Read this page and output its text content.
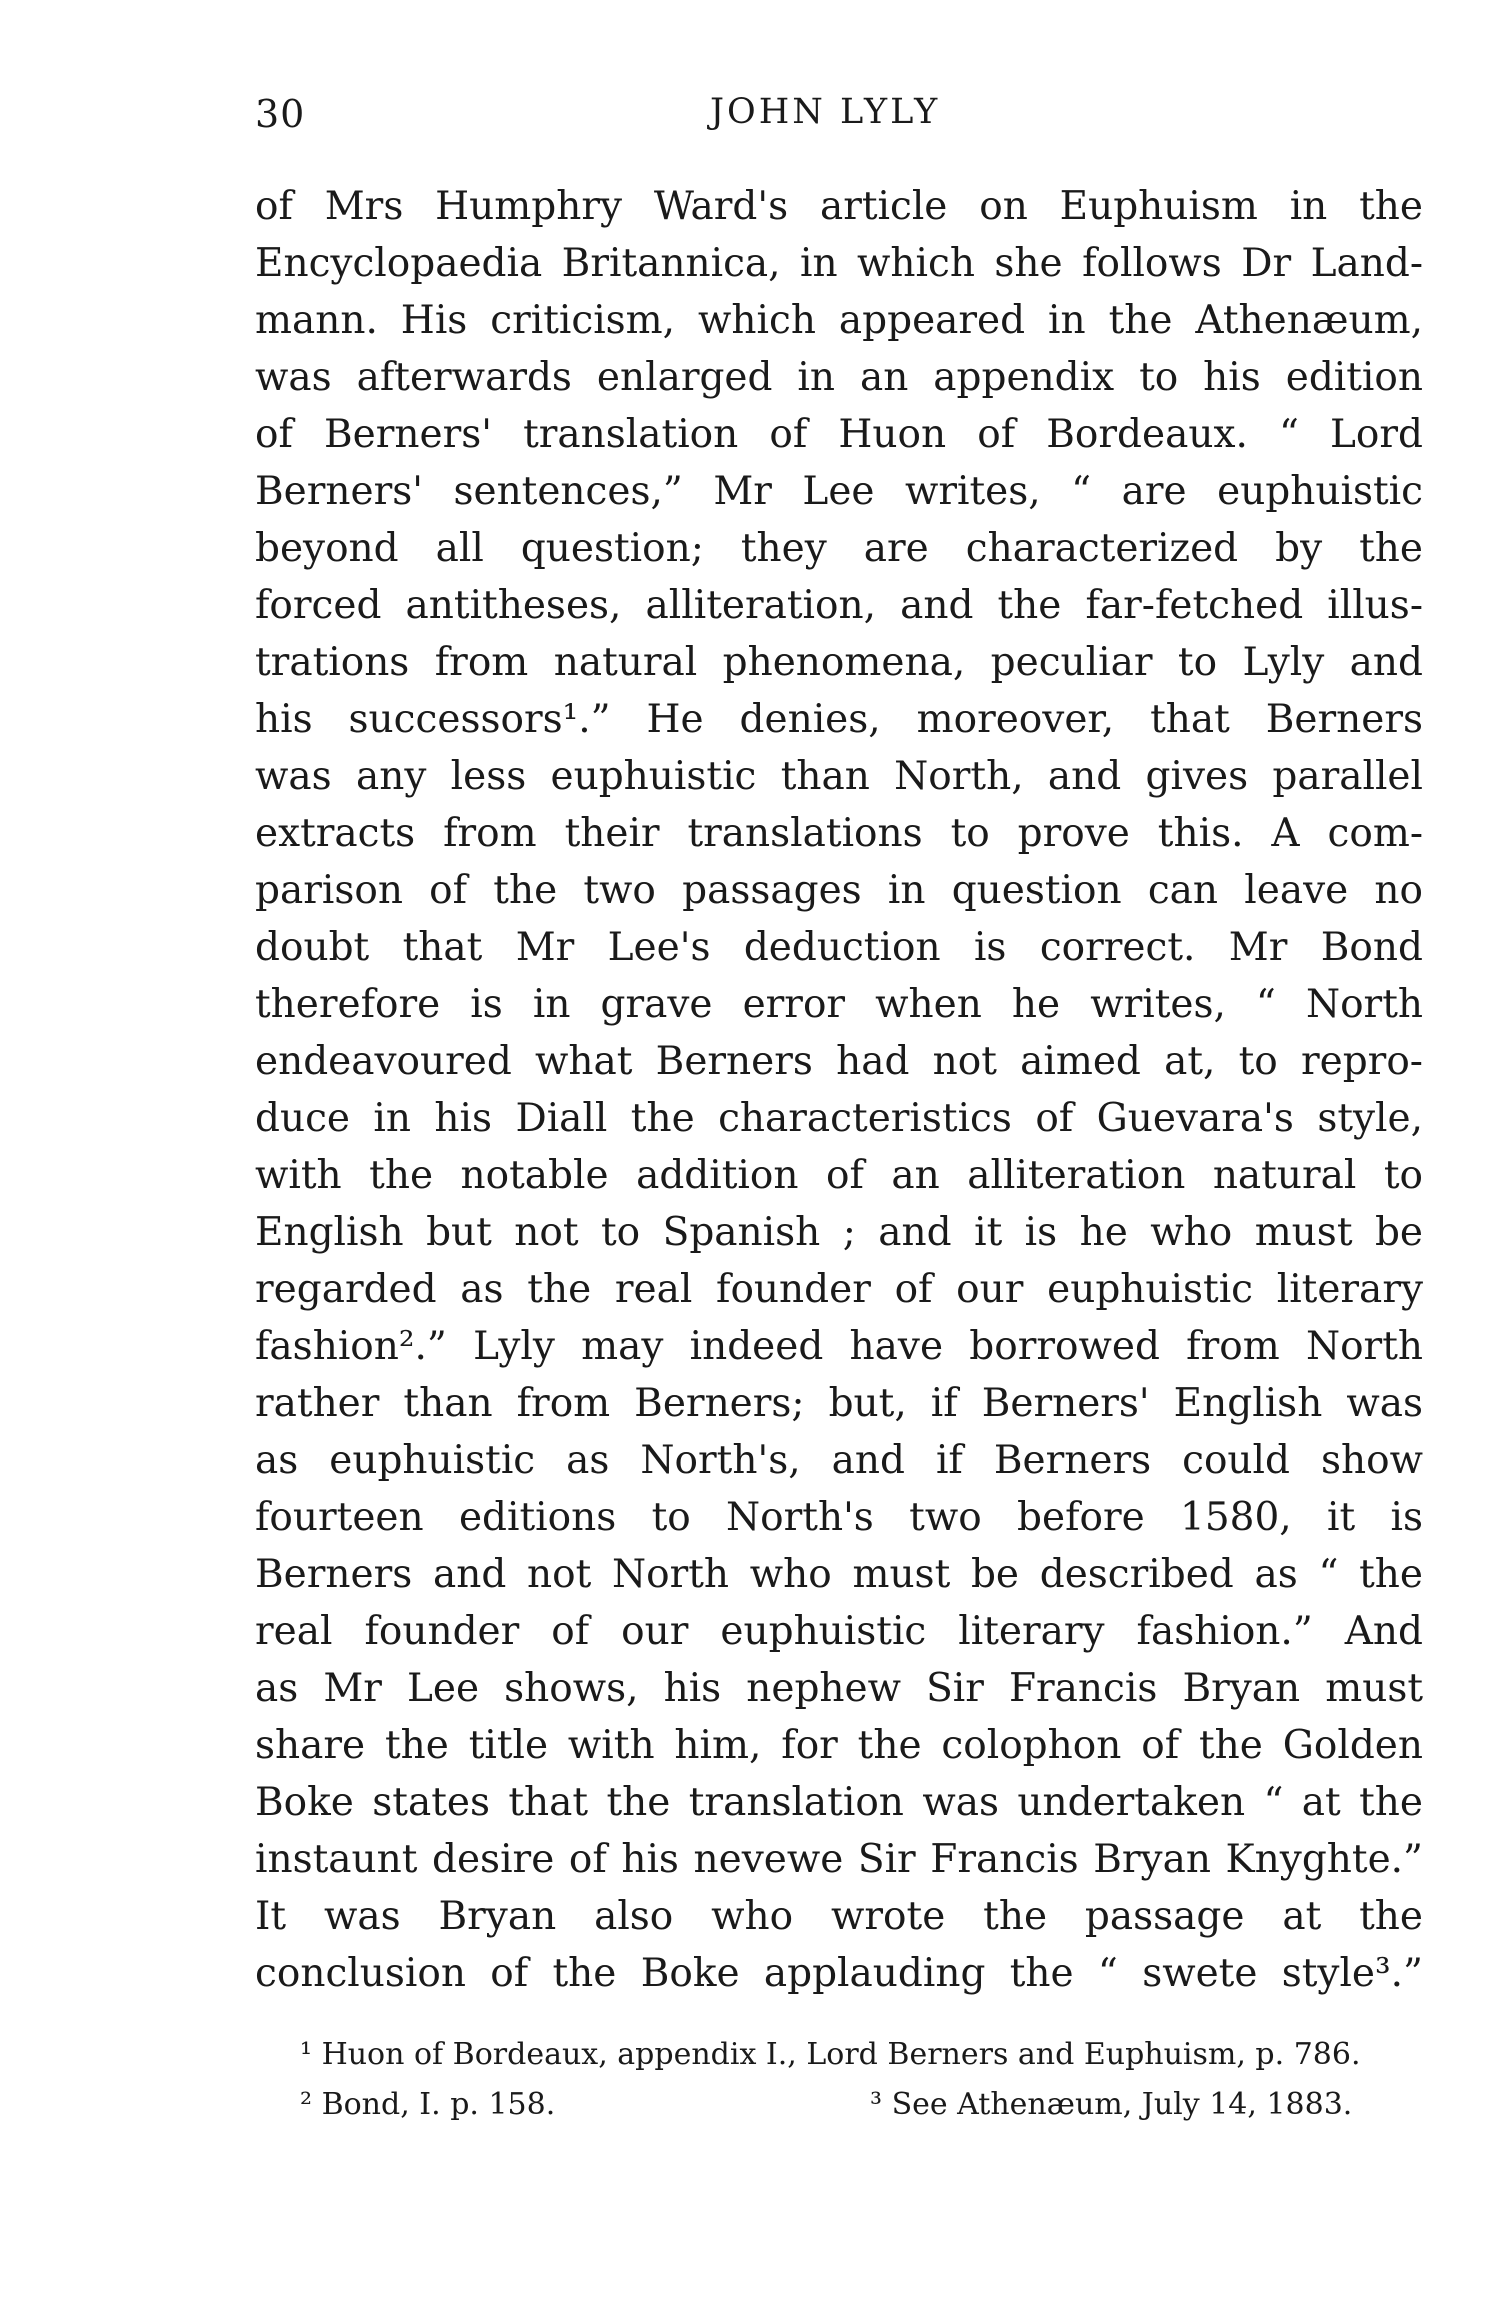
30	JOHN LYLY
of Mrs Humphry Ward's article on Euphuism in the
Encyclopaedia Britannica, in which she follows Dr Land-
mann. His criticism, which appeared in the Athenæum,
was afterwards enlarged in an appendix to his edition
of Berners' translation of Huon of Bordeaux. “ Lord
Berners' sentences,” Mr Lee writes, “ are euphuistic
beyond all question; they are characterized by the
forced antitheses, alliteration, and the far-fetched illus-
trations from natural phenomena, peculiar to Lyly and
his successors¹.” He denies, moreover, that Berners
was any less euphuistic than North, and gives parallel
extracts from their translations to prove this. A com-
parison of the two passages in question can leave no
doubt that Mr Lee's deduction is correct. Mr Bond
therefore is in grave error when he writes, “ North
endeavoured what Berners had not aimed at, to repro-
duce in his Diall the characteristics of Guevara's style,
with the notable addition of an alliteration natural to
English but not to Spanish ; and it is he who must be
regarded as the real founder of our euphuistic literary
fashion².” Lyly may indeed have borrowed from North
rather than from Berners; but, if Berners' English was
as euphuistic as North's, and if Berners could show
fourteen editions to North's two before 1580, it is
Berners and not North who must be described as “ the
real founder of our euphuistic literary fashion.” And
as Mr Lee shows, his nephew Sir Francis Bryan must
share the title with him, for the colophon of the Golden
Boke states that the translation was undertaken “ at the
instaunt desire of his nevewe Sir Francis Bryan Knyghte.”
It was Bryan also who wrote the passage at the
conclusion of the Boke applauding the “ swete style³.”
¹ Huon of Bordeaux, appendix I., Lord Berners and Euphuism, p. 786.
² Bond, I. p. 158.	³ See Athenæum, July 14, 1883.
